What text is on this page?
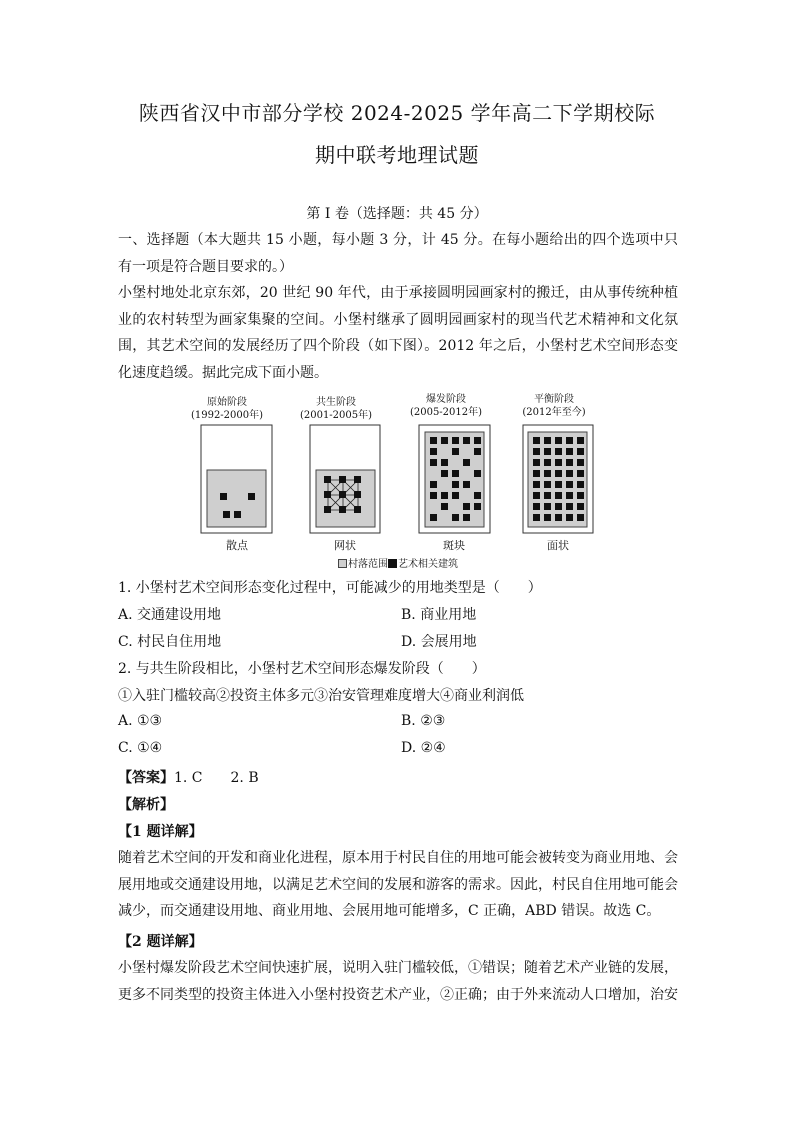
陕西省汉中市部分学校 2024-2025 学年高二下学期校际
期中联考地理试题
第 I 卷（选择题：共 45 分）
一、选择题（本大题共 15 小题，每小题 3 分，计 45 分。在每小题给出的四个选项中只有一项是符合题目要求的。）
小堡村地处北京东郊，20 世纪 90 年代，由于承接圆明园画家村的搬迁，由从事传统种植业的农村转型为画家集聚的空间。小堡村继承了圆明园画家村的现当代艺术精神和文化氛围，其艺术空间的发展经历了四个阶段（如下图）。2012 年之后，小堡村艺术空间形态变化速度趋缓。据此完成下面小题。
原始阶段
(1992-2000年)
共生阶段
(2001-2005年)
爆发阶段
(2005-2012年)
平衡阶段
(2012年至今)
散点	网状	斑块	面状
村落范围 艺术相关建筑
1. 小堡村艺术空间形态变化过程中，可能减少的用地类型是（　　）
A. 交通建设用地	B. 商业用地
C. 村民自住用地	D. 会展用地
2. 与共生阶段相比，小堡村艺术空间形态爆发阶段（　　）
①入驻门槛较高②投资主体多元③治安管理难度增大④商业利润低
A. ①③	B. ②③
C. ①④	D. ②④
【答案】1. C　　2. B
【解析】
【1 题详解】
随着艺术空间的开发和商业化进程，原本用于村民自住的用地可能会被转变为商业用地、会展用地或交通建设用地，以满足艺术空间的发展和游客的需求。因此，村民自住用地可能会减少，而交通建设用地、商业用地、会展用地可能增多，C 正确，ABD 错误。故选 C。
【2 题详解】
小堡村爆发阶段艺术空间快速扩展，说明入驻门槛较低，①错误；随着艺术产业链的发展，更多不同类型的投资主体进入小堡村投资艺术产业，②正确；由于外来流动人口增加，治安
